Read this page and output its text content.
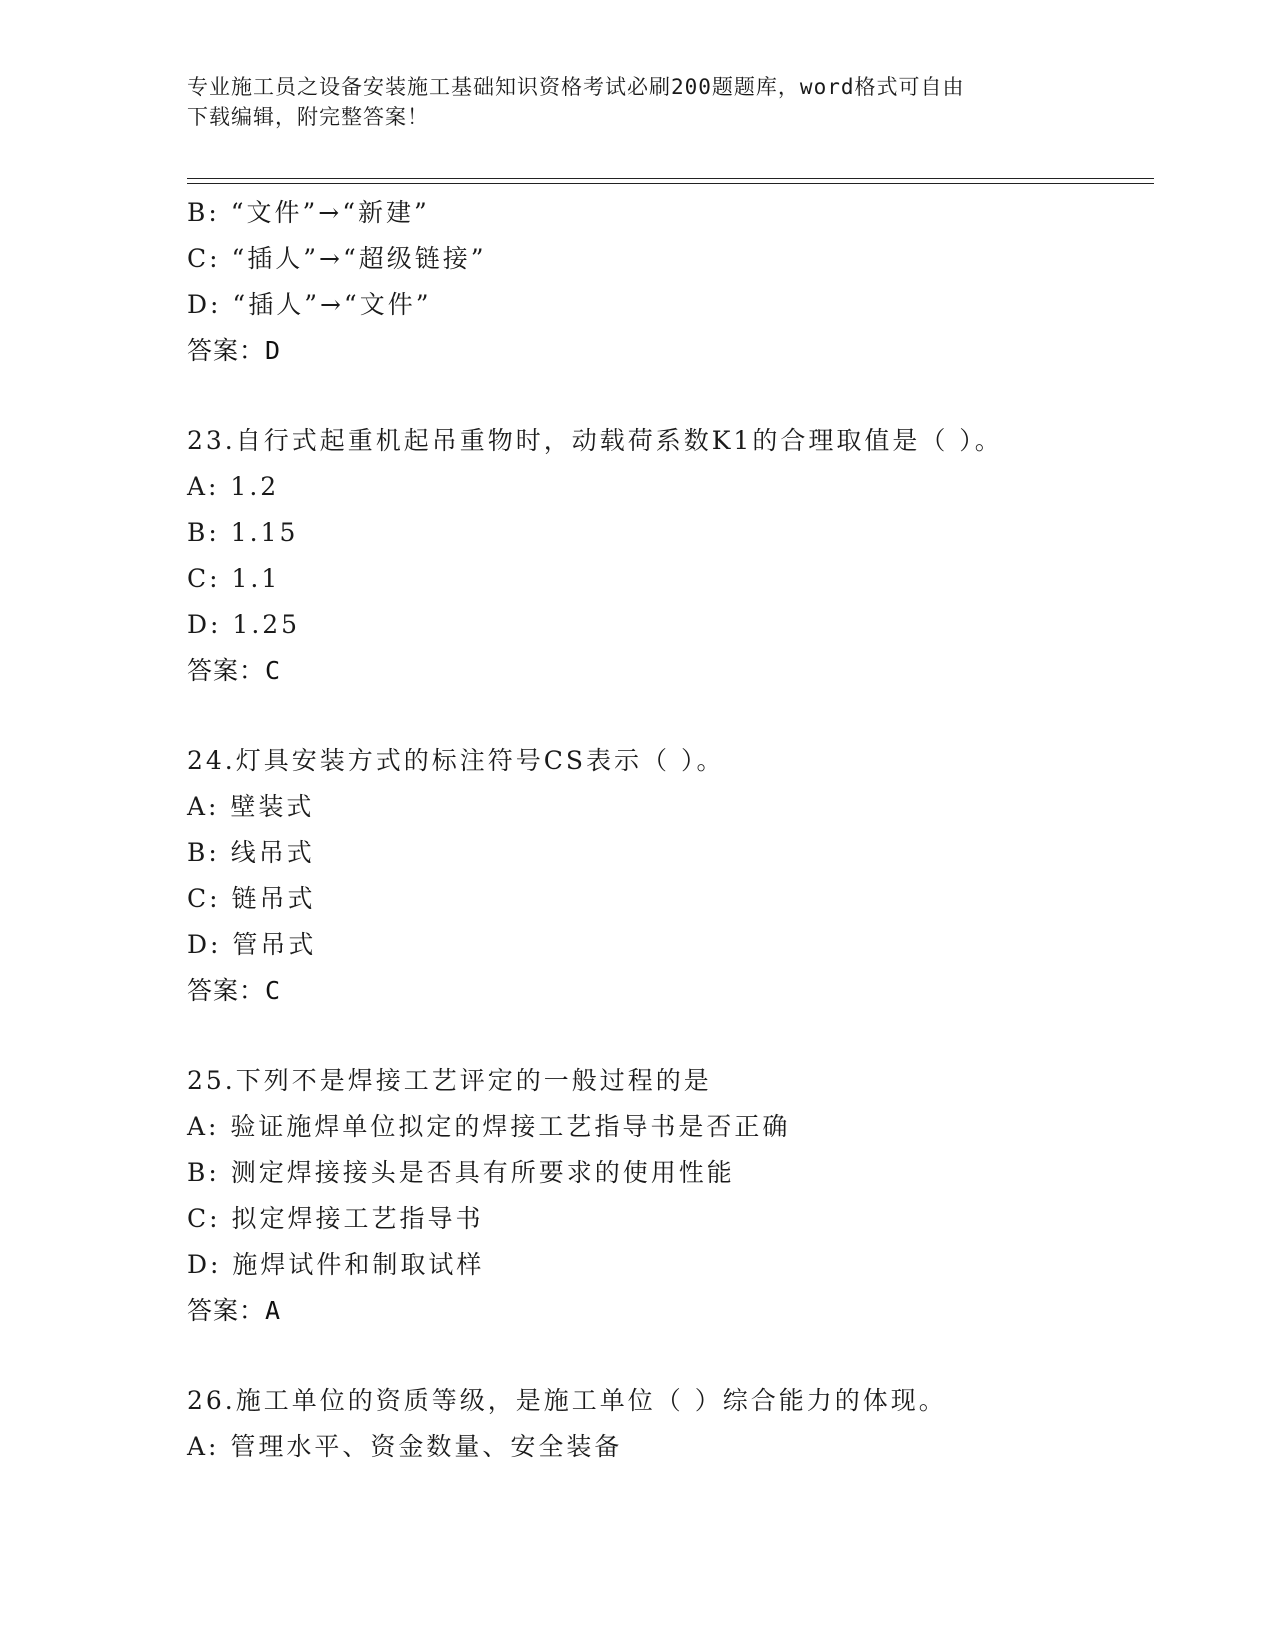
专业施工员之设备安装施工基础知识资格考试必刷200题题库，word格式可自由
下载编辑，附完整答案！
B: “文件”→“新建”
C: “插人”→“超级链接”
D: “插人”→“文件”
答案：D
23.自行式起重机起吊重物时，动载荷系数K1的合理取值是（ ）。
A: 1.2
B: 1.15
C: 1.1
D: 1.25
答案：C
24.灯具安装方式的标注符号CS表示（ ）。
A: 壁装式
B: 线吊式
C: 链吊式
D: 管吊式
答案：C
25.下列不是焊接工艺评定的一般过程的是
A: 验证施焊单位拟定的焊接工艺指导书是否正确
B: 测定焊接接头是否具有所要求的使用性能
C: 拟定焊接工艺指导书
D: 施焊试件和制取试样
答案：A
26.施工单位的资质等级，是施工单位（ ）综合能力的体现。
A: 管理水平、资金数量、安全装备
